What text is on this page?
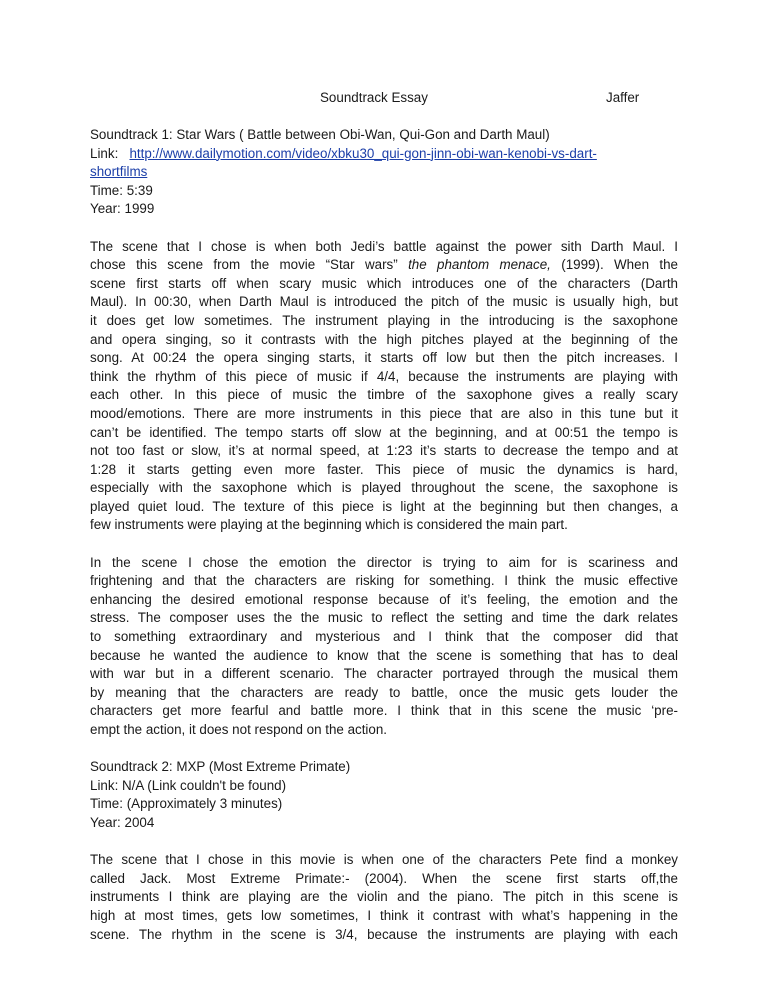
Soundtrack Essay	Jaffer
Soundtrack 1: Star Wars ( Battle between Obi-Wan, Qui-Gon and Darth Maul)
Link: http://www.dailymotion.com/video/xbku30_qui-gon-jinn-obi-wan-kenobi-vs-dart-
shortfilms
Time: 5:39
Year: 1999
The scene that I chose is when both Jedi’s battle against the power sith Darth Maul. I
chose this scene from the movie “Star wars” the phantom menace, (1999). When the
scene first starts off when scary music which introduces one of the characters (Darth
Maul). In 00:30, when Darth Maul is introduced the pitch of the music is usually high, but
it does get low sometimes. The instrument playing in the introducing is the saxophone
and opera singing, so it contrasts with the high pitches played at the beginning of the
song. At 00:24 the opera singing starts, it starts off low but then the pitch increases. I
think the rhythm of this piece of music if 4/4, because the instruments are playing with
each other. In this piece of music the timbre of the saxophone gives a really scary
mood/emotions. There are more instruments in this piece that are also in this tune but it
can’t be identified. The tempo starts off slow at the beginning, and at 00:51 the tempo is
not too fast or slow, it’s at normal speed, at 1:23 it’s starts to decrease the tempo and at
1:28 it starts getting even more faster. This piece of music the dynamics is hard,
especially with the saxophone which is played throughout the scene, the saxophone is
played quiet loud. The texture of this piece is light at the beginning but then changes, a
few instruments were playing at the beginning which is considered the main part.
In the scene I chose the emotion the director is trying to aim for is scariness and
frightening and that the characters are risking for something. I think the music effective
enhancing the desired emotional response because of it’s feeling, the emotion and the
stress. The composer uses the the music to reflect the setting and time the dark relates
to something extraordinary and mysterious and I think that the composer did that
because he wanted the audience to know that the scene is something that has to deal
with war but in a different scenario. The character portrayed through the musical them
by meaning that the characters are ready to battle, once the music gets louder the
characters get more fearful and battle more. I think that in this scene the music ‘pre-
empt the action, it does not respond on the action.
Soundtrack 2: MXP (Most Extreme Primate)
Link: N/A (Link couldn't be found)
Time: (Approximately 3 minutes)
Year: 2004
The scene that I chose in this movie is when one of the characters Pete find a monkey
called Jack. Most Extreme Primate:- (2004). When the scene first starts off,the
instruments I think are playing are the violin and the piano. The pitch in this scene is
high at most times, gets low sometimes, I think it contrast with what’s happening in the
scene. The rhythm in the scene is 3/4, because the instruments are playing with each
